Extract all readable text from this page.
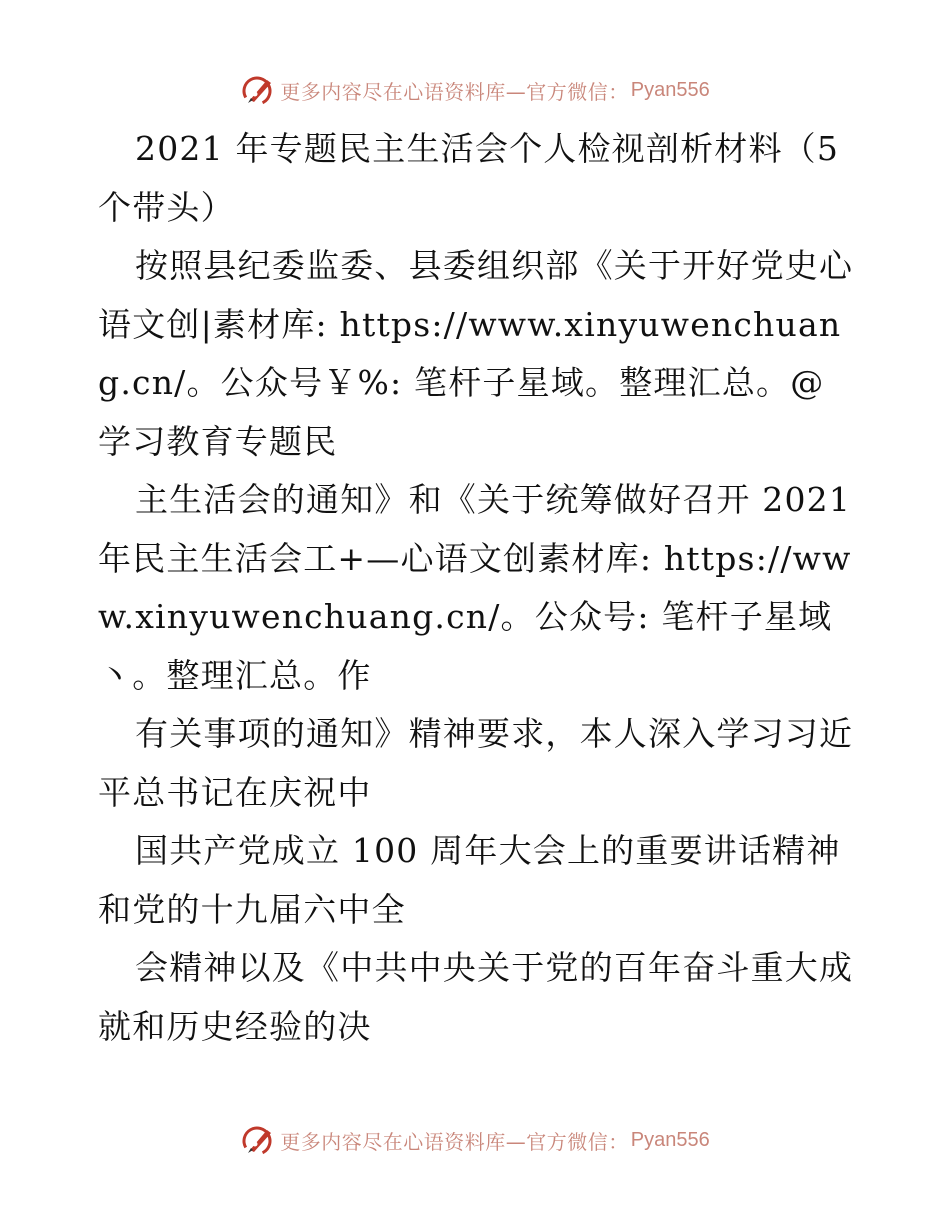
更多内容尽在心语资料库—官方微信： Pyan556

2021 年专题民主生活会个人检视剖析材料（5 个带头）

按照县纪委监委、县委组织部《关于开好党史心语文创|素材库: https://www.xinyuwenchuang.cn/。公众号￥%: 笔杆子星域。整理汇总。@学习教育专题民

主生活会的通知》和《关于统筹做好召开 2021 年民主生活会工+—心语文创素材库: https://www.xinyuwenchuang.cn/。公众号: 笔杆子星域丶。整理汇总。作

有关事项的通知》精神要求，本人深入学习习近平总书记在庆祝中

国共产党成立 100 周年大会上的重要讲话精神和党的十九届六中全

会精神以及《中共中央关于党的百年奋斗重大成就和历史经验的决

更多内容尽在心语资料库—官方微信： Pyan556
